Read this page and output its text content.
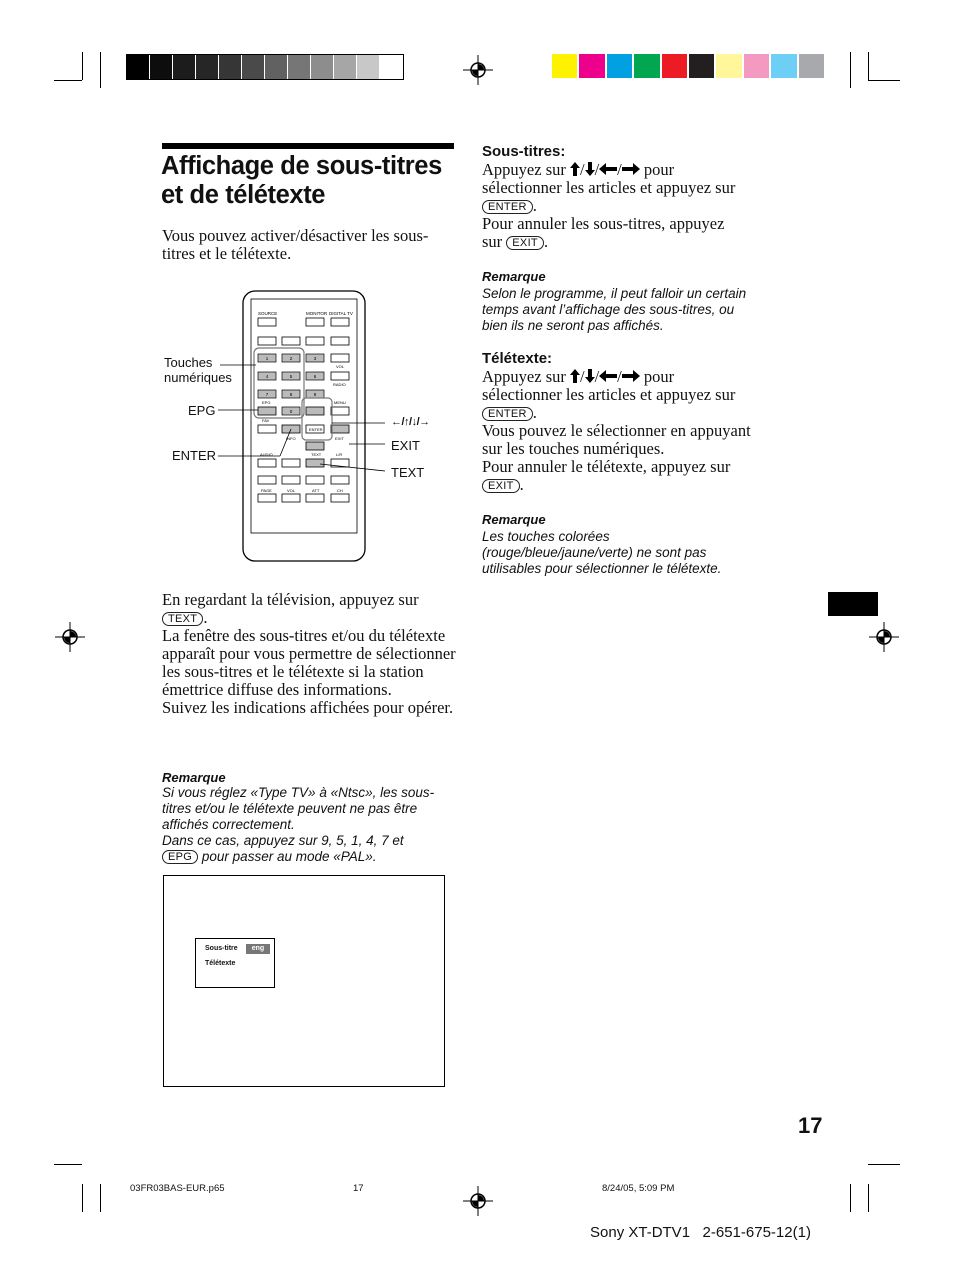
Affichage de sous-titres
et de télétexte
Vous pouvez activer/désactiver les sous-titres et le télétexte.
SOURCE	MONITOR DIGITAL TV
1	2	3
4	5	6
7	8	9
0
VOL
RADIO
EPG	MENU
FAV
ENTER
INFO	EXIT
TEXT	L/R
AUDIO
PAGE	VOL	ATT	CH
Touches
numériques
EPG
ENTER
←/↑/↓/→
EXIT
TEXT
En regardant la télévision, appuyez sur TEXT .
La fenêtre des sous-titres et/ou du télétexte apparaît pour vous permettre de sélectionner les sous-titres et le télétexte si la station émettrice diffuse des informations.
Suivez les indications affichées pour opérer.
Remarque
Si vous réglez «Type TV» à «Ntsc», les sous-titres et/ou le télétexte peuvent ne pas être affichés correctement.
Dans ce cas, appuyez sur 9, 5, 1, 4, 7 et
EPG pour passer au mode «PAL».
Sous-titre	eng
Télétexte
Sous-titres:
Appuyez sur / / / pour
sélectionner les articles et appuyez sur
ENTER .
Pour annuler les sous-titres, appuyez
sur EXIT .
Remarque
Selon le programme, il peut falloir un certain temps avant l’affichage des sous-titres, ou bien ils ne seront pas affichés.
Télétexte:
Appuyez sur / / / pour
sélectionner les articles et appuyez sur
ENTER .
Vous pouvez le sélectionner en appuyant sur les touches numériques.
Pour annuler le télétexte, appuyez sur
EXIT .
Remarque
Les touches colorées (rouge/bleue/jaune/verte) ne sont pas utilisables pour sélectionner le télétexte.
17
03FR03BAS-EUR.p65	17	8/24/05, 5:09 PM
Sony XT-DTV1   2-651-675-12(1)
